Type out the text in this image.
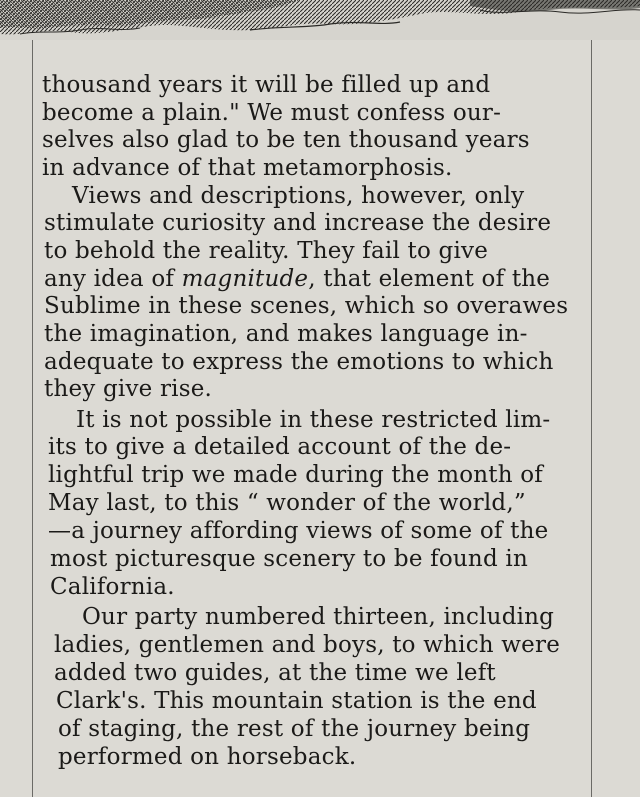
thousand years it will be filled up and
become a plain." We must confess our-
selves also glad to be ten thousand years
in advance of that metamorphosis.
Views and descriptions, however, only
stimulate curiosity and increase the desire
to behold the reality. They fail to give
any idea of magnitude, that element of the
Sublime in these scenes, which so overawes
the imagination, and makes language in-
adequate to express the emotions to which
they give rise.
It is not possible in these restricted lim-
its to give a detailed account of the de-
lightful trip we made during the month of
May last, to this “ wonder of the world,”
—a journey affording views of some of the
most picturesque scenery to be found in
California.
Our party numbered thirteen, including
ladies, gentlemen and boys, to which were
added two guides, at the time we left
Clark's. This mountain station is the end
of staging, the rest of the journey being
performed on horseback.
